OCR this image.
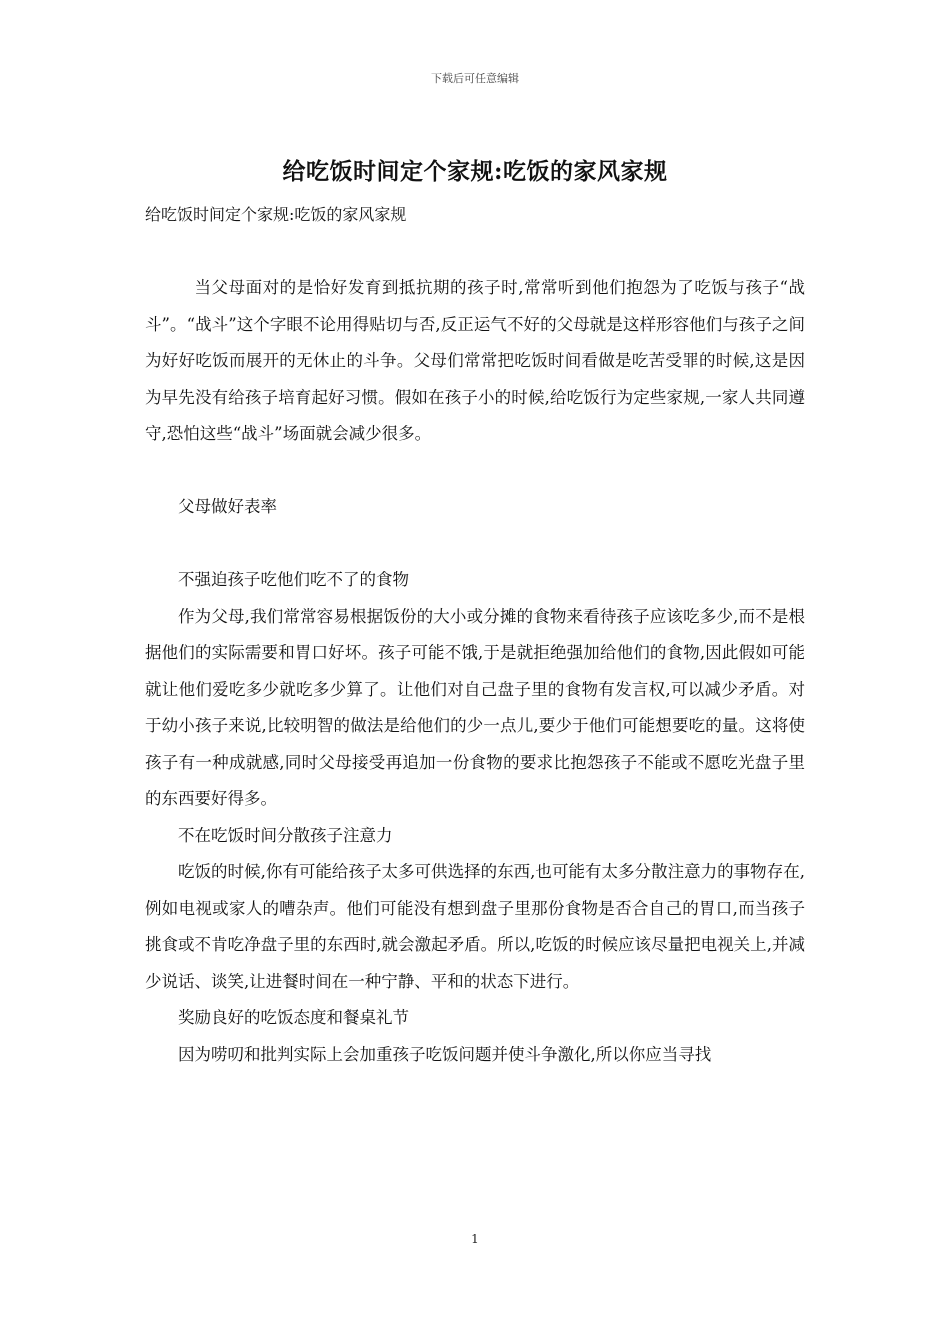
下载后可任意编辑
给吃饭时间定个家规:吃饭的家风家规

给吃饭时间定个家规:吃饭的家风家规

当父母面对的是恰好发育到抵抗期的孩子时,常常听到他们抱怨为了吃饭与孩子“战斗”。“战斗”这个字眼不论用得贴切与否,反正运气不好的父母就是这样形容他们与孩子之间为好好吃饭而展开的无休止的斗争。父母们常常把吃饭时间看做是吃苦受罪的时候,这是因为早先没有给孩子培育起好习惯。假如在孩子小的时候,给吃饭行为定些家规,一家人共同遵守,恐怕这些“战斗”场面就会减少很多。

父母做好表率
不强迫孩子吃他们吃不了的食物

作为父母,我们常常容易根据饭份的大小或分摊的食物来看待孩子应该吃多少,而不是根据他们的实际需要和胃口好坏。孩子可能不饿,于是就拒绝强加给他们的食物,因此假如可能就让他们爱吃多少就吃多少算了。让他们对自己盘子里的食物有发言权,可以减少矛盾。对于幼小孩子来说,比较明智的做法是给他们的少一点儿,要少于他们可能想要吃的量。这将使孩子有一种成就感,同时父母接受再追加一份食物的要求比抱怨孩子不能或不愿吃光盘子里的东西要好得多。

不在吃饭时间分散孩子注意力

吃饭的时候,你有可能给孩子太多可供选择的东西,也可能有太多分散注意力的事物存在,例如电视或家人的嘈杂声。他们可能没有想到盘子里那份食物是否合自己的胃口,而当孩子挑食或不肯吃净盘子里的东西时,就会激起矛盾。所以,吃饭的时候应该尽量把电视关上,并减少说话、谈笑,让进餐时间在一种宁静、平和的状态下进行。

奖励良好的吃饭态度和餐桌礼节

因为唠叨和批判实际上会加重孩子吃饭问题并使斗争激化,所以你应当寻找

1
